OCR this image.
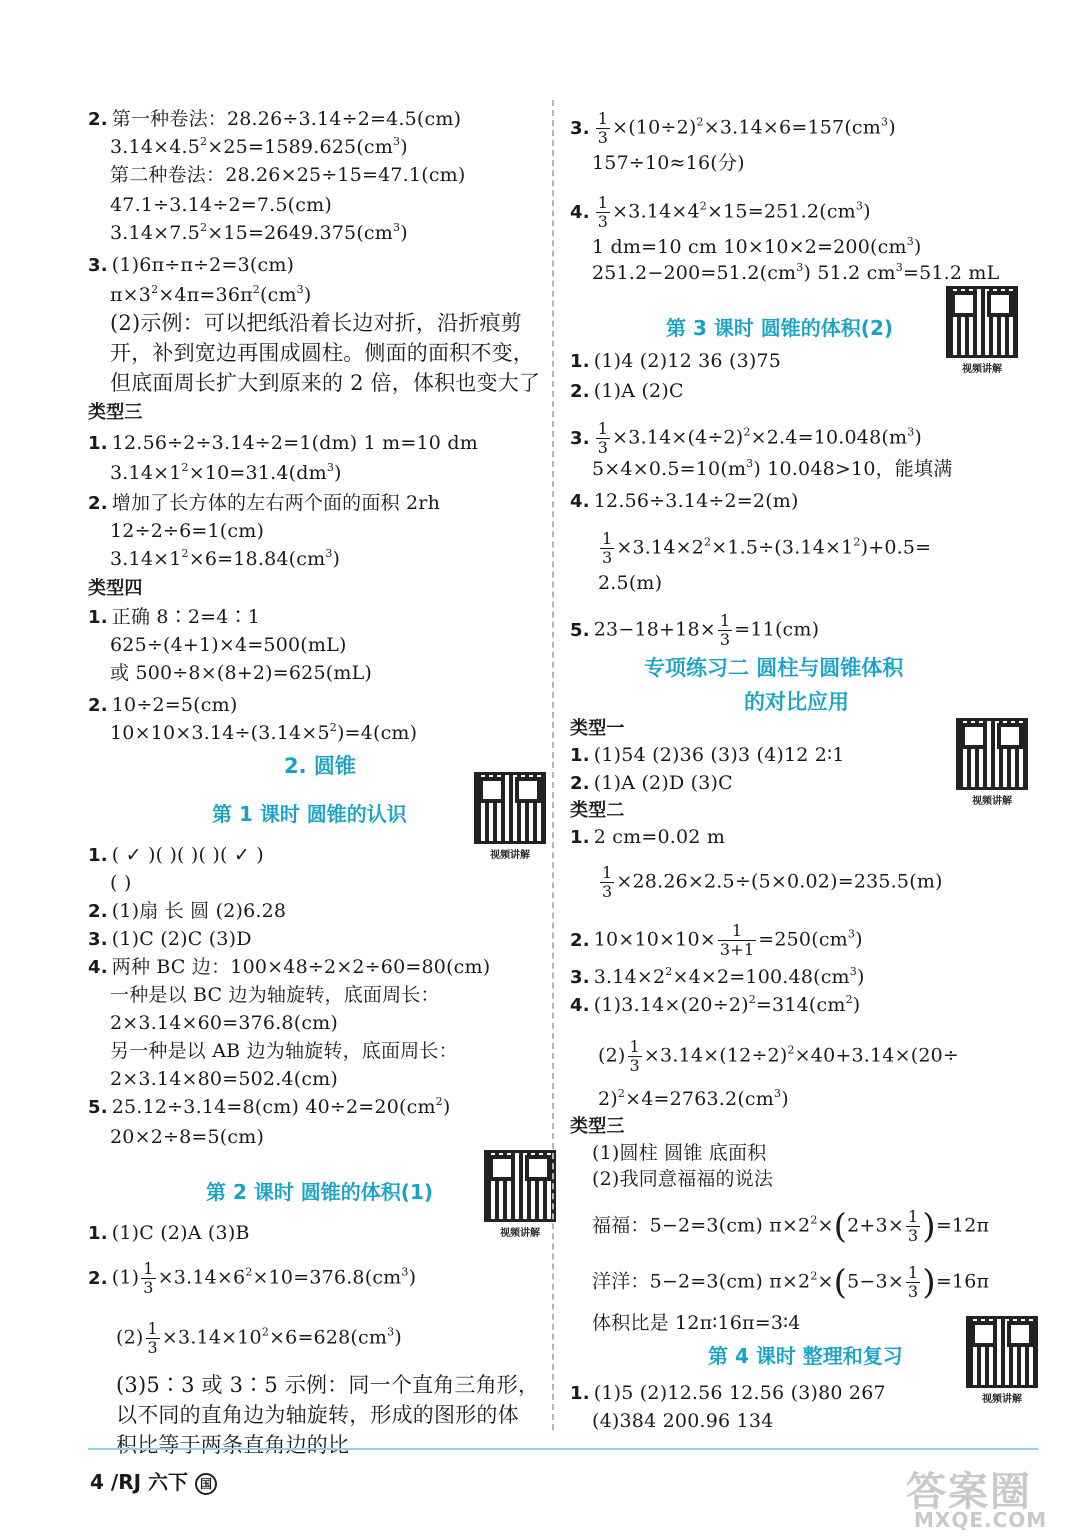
2. 第一种卷法：28.26÷3.14÷2=4.5(cm)
$3.14\times 4.5^2\times 25=1589.625(cm^3)$
第二种卷法：28.26×25÷15=47.1(cm)
47.1÷3.14÷2=7.5(cm)
$3.14\times 7.5^2\times 15=2649.375(cm^3)$
3. (1)6π÷π÷2=3(cm)
$\pi\times 3^2\times 4\pi=36\pi^2(cm^3)$
(2)示例：可以把纸沿着长边对折，沿折痕剪
开，补到宽边再围成圆柱。侧面的面积不变，
但底面周长扩大到原来的 2 倍，体积也变大了
类型三
1. 12.56÷2÷3.14÷2=1(dm) 1 m=10 dm
$3.14\times 1^2\times 10=31.4(dm^3)$
2. 增加了长方体的左右两个面的面积 2rh
12÷2÷6=1(cm)
$3.14\times 1^2\times 6=18.84(cm^3)$
类型四
1. 正确 8∶2=4∶1
625÷(4+1)×4=500(mL)
或 500÷8×(8+2)=625(mL)
2. 10÷2=5(cm)
$10\times 10\times 3.14\div(3.14\times 5^2)=4(cm)$
2. 圆锥
视频讲解
第 1 课时 圆锥的认识
1. ( ✓ )( )( )( )( ✓ )
( )
2. (1)扇 长 圆 (2)6.28
3. (1)C (2)C (3)D
4. 两种 BC 边：100×48÷2×2÷60=80(cm)
一种是以 BC 边为轴旋转，底面周长：
2×3.14×60=376.8(cm)
另一种是以 AB 边为轴旋转，底面周长：
2×3.14×80=502.4(cm)
5. 25.12÷3.14=8(cm) $40\div 2=20(cm^2)$
20×2÷8=5(cm)
视频讲解
第 2 课时 圆锥的体积(1)
1. (1)C (2)A (3)B
2. $(1) \frac{1}{3} \times 3.14\times 6^2\times 10=376.8(cm^3)$
$(2) \frac{1}{3} \times 3.14\times 10^2\times 6=628(cm^3)$
(3)5∶3 或 3∶5 示例：同一个直角三角形，
以不同的直角边为轴旋转，形成的图形的体
积比等于两条直角边的比
3. $\frac{1}{3} \times(10\div 2)^2\times 3.14\times 6=157(cm^3)$
157÷10≈16(分)
4. $\frac{1}{3} \times 3.14\times 4^2\times 15=251.2(cm^3)$
1 dm=10 cm $10\times 10\times 2=200(cm^3)$
$251.2-200=51.2(cm^3)$ 51.2 $cm^3=51.2$ mL
视频讲解
第 3 课时 圆锥的体积(2)
1. (1)4 (2)12 36 (3)75
2. (1)A (2)C
3. $\frac{1}{3} \times 3.14\times(4\div 2)^2\times 2.4=10.048(m^3)$
$5\times 4\times 0.5=10(m^3)$ 10.048>10，能填满
4. 12.56÷3.14÷2=2(m)
$\frac{1}{3} \times 3.14\times 2^2\times 1.5\div(3.14\times 1^2)+0.5=$
2.5(m)
5. $23-18+18\times \frac{1}{3} =11(cm)$
专项练习二 圆柱与圆锥体积
的对比应用
类型一
视频讲解
1. (1)54 (2)36 (3)3 (4)12 2∶1
2. (1)A (2)D (3)C
类型二
1. 2 cm=0.02 m
$\frac{1}{3} \times 28.26\times 2.5\div(5\times 0.02)=235.5(m)$
2. $10\times 10\times 10\times \frac{1}{3+1} =250(cm^3)$
3. $3.14\times 2^2\times 4\times 2=100.48(cm^3)$
4. $(1)3.14\times(20\div 2)^2=314(cm^2)$
$(2) \frac{1}{3} \times 3.14\times(12\div 2)^2\times 40+3.14\times(20\div$
$2)^2\times 4=2763.2(cm^3)$
类型三
(1)圆柱 圆锥 底面积
(2)我同意福福的说法
福福：5−2=3(cm) $\pi\times 2^2\times(2+3\times \frac{1}{3} )=12\pi$
洋洋：5−2=3(cm) $\pi\times 2^2\times(5-3\times \frac{1}{3} )=16\pi$
体积比是 12π∶16π=3∶4
视频讲解
第 4 课时 整理和复习
1. (1)5 (2)12.56 12.56 (3)80 267
(4)384 200.96 134
4 /RJ 六下 国	答案圈
MXQE.COM
